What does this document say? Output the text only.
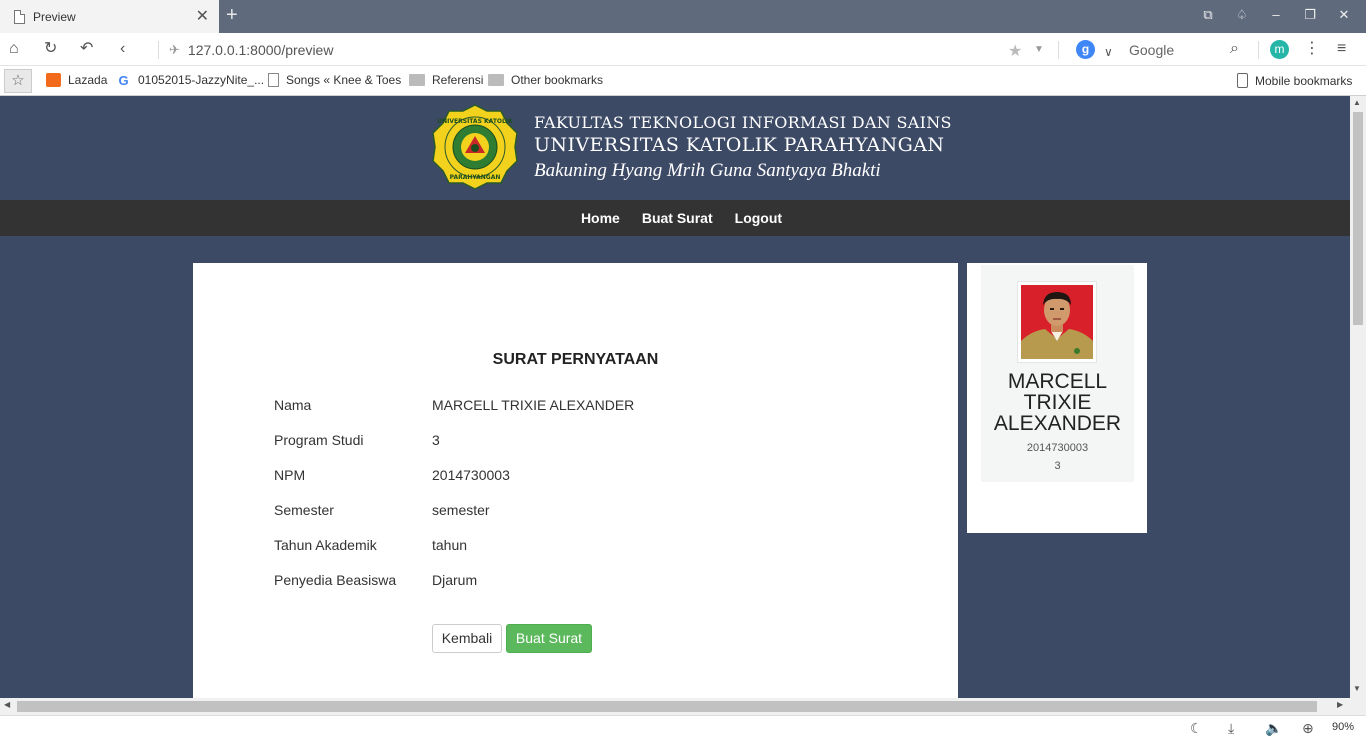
Preview	✕ +	⧉ ♤ – ❐ ✕
⌂ ↻ ↶ ‹	✈ 127.0.0.1:8000/preview	★ ▼	∨	⌕	⋮ ≡
g	Google	m
☆	Lazada G 01052015-JazzyNite_... Songs « Knee & Toes	Referensi Other bookmarks	Mobile bookmarks
UNIVERSITAS KATOLIK
PARAHYANGAN
FAKULTAS TEKNOLOGI INFORMASI DAN SAINS
UNIVERSITAS KATOLIK PARAHYANGAN
Bakuning Hyang Mrih Guna Santyaya Bhakti
Home Buat Surat Logout
SURAT PERNYATAAN
Nama	MARCELL TRIXIE ALEXANDER
Program Studi	3
NPM	2014730003
Semester	semester
Tahun Akademik	tahun
Penyedia Beasiswa	Djarum
Kembali	Buat Surat
MARCELL
TRIXIE
ALEXANDER
2014730003
3
▲
▼
◀	▶
☾ ⤓ 🔈 ⊕ 90%
